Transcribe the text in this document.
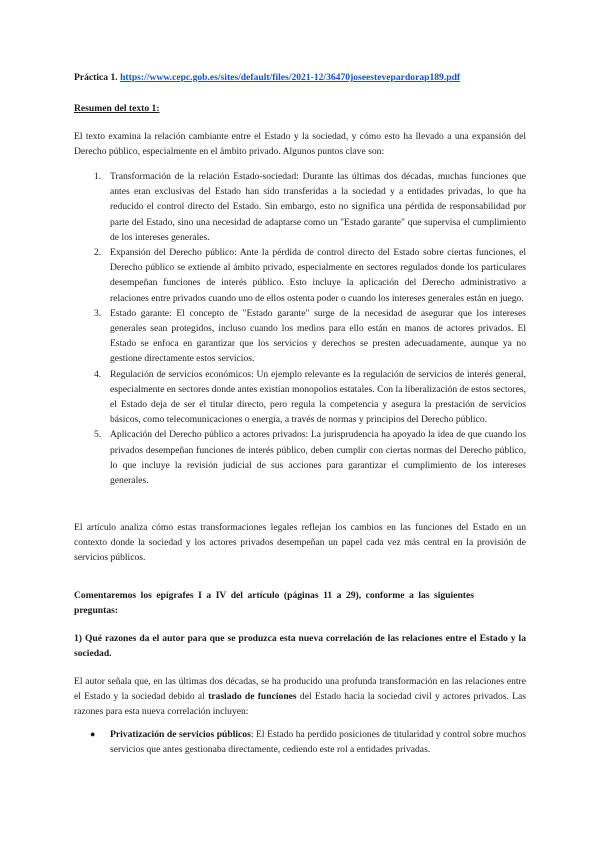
Práctica 1. https://www.cepc.gob.es/sites/default/files/2021-12/36470joseestevepardorap189.pdf

Resumen del texto 1:

El texto examina la relación cambiante entre el Estado y la sociedad, y cómo esto ha llevado a una expansión del Derecho público, especialmente en el ámbito privado. Algunos puntos clave son:

1. Transformación de la relación Estado-sociedad: Durante las últimas dos décadas, muchas funciones que antes eran exclusivas del Estado han sido transferidas a la sociedad y a entidades privadas, lo que ha reducido el control directo del Estado. Sin embargo, esto no significa una pérdida de responsabilidad por parte del Estado, sino una necesidad de adaptarse como un "Estado garante" que supervisa el cumplimiento de los intereses generales.
2. Expansión del Derecho público: Ante la pérdida de control directo del Estado sobre ciertas funciones, el Derecho público se extiende al ámbito privado, especialmente en sectores regulados donde los particulares desempeñan funciones de interés público. Esto incluye la aplicación del Derecho administrativo a relaciones entre privados cuando uno de ellos ostenta poder o cuando los intereses generales están en juego.
3. Estado garante: El concepto de "Estado garante" surge de la necesidad de asegurar que los intereses generales sean protegidos, incluso cuando los medios para ello están en manos de actores privados. El Estado se enfoca en garantizar que los servicios y derechos se presten adecuadamente, aunque ya no gestione directamente estos servicios.
4. Regulación de servicios económicos: Un ejemplo relevante es la regulación de servicios de interés general, especialmente en sectores donde antes existían monopolios estatales. Con la liberalización de estos sectores, el Estado deja de ser el titular directo, pero regula la competencia y asegura la prestación de servicios básicos, como telecomunicaciones o energía, a través de normas y principios del Derecho público.
5. Aplicación del Derecho público a actores privados: La jurisprudencia ha apoyado la idea de que cuando los privados desempeñan funciones de interés público, deben cumplir con ciertas normas del Derecho público, lo que incluye la revisión judicial de sus acciones para garantizar el cumplimiento de los intereses generales.

El artículo analiza cómo estas transformaciones legales reflejan los cambios en las funciones del Estado en un contexto donde la sociedad y los actores privados desempeñan un papel cada vez más central en la provisión de servicios públicos.

Comentaremos los epígrafes I a IV del artículo (páginas 11 a 29), conforme a las siguientes preguntas:

1) Qué razones da el autor para que se produzca esta nueva correlación de las relaciones entre el Estado y la sociedad.

El autor señala que, en las últimas dos décadas, se ha producido una profunda transformación en las relaciones entre el Estado y la sociedad debido al traslado de funciones del Estado hacia la sociedad civil y actores privados. Las razones para esta nueva correlación incluyen:

● Privatización de servicios públicos: El Estado ha perdido posiciones de titularidad y control sobre muchos servicios que antes gestionaba directamente, cediendo este rol a entidades privadas.
